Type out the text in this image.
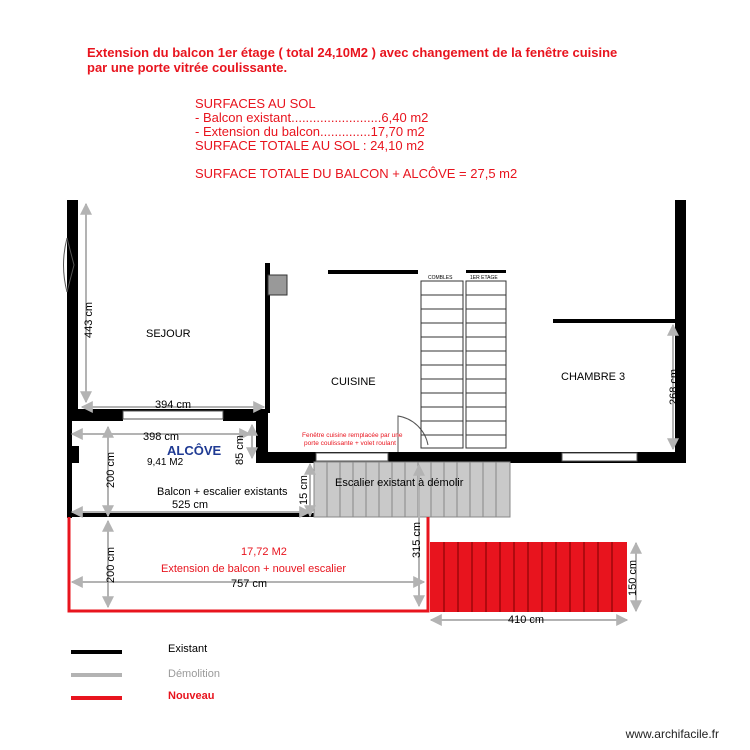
Extension du balcon 1er étage ( total 24,10M2 ) avec changement de la fenêtre cuisine
par une porte vitrée coulissante.
SURFACES AU SOL
- Balcon existant.........................6,40 m2
- Extension du balcon..............17,70 m2
SURFACE TOTALE AU SOL : 24,10 m2
SURFACE TOTALE DU BALCON + ALCÔVE = 27,5 m2
SEJOUR
CUISINE	CHAMBRE 3
ALCÔVE
9,41 M2
Balcon + escalier existants
Escalier existant à démolir
COMBLES	1ER ETAGE
Fenêtre cuisine remplacée par une
porte coulissante + volet roulant
17,72 M2
Extension de balcon + nouvel escalier
443 cm
394 cm
398 cm	85 cm
200 cm
525 cm
15 cm
315 cm
200 cm
757 cm
410 cm
150 cm
268 cm
Existant
Démolition
Nouveau
www.archifacile.fr
